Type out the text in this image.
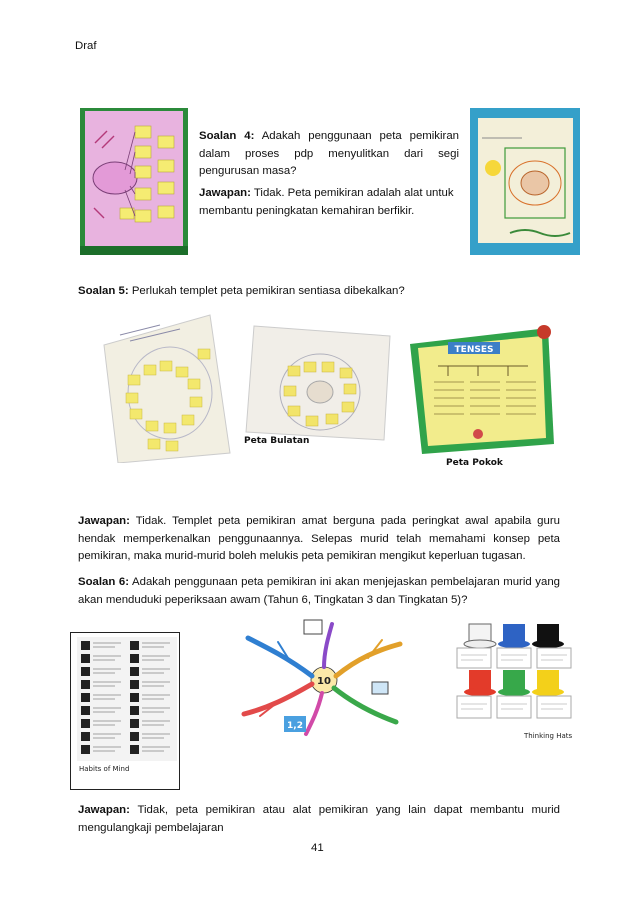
Draf
Soalan 4: Adakah penggunaan peta pemikiran dalam proses pdp menyulitkan dari segi pengurusan masa?
Jawapan: Tidak. Peta pemikiran adalah alat untuk membantu peningkatan kemahiran berfikir.
Soalan 5: Perlukah templet peta pemikiran sentiasa dibekalkan?
Peta Bulatan
TENSES
Peta Pokok
Jawapan: Tidak. Templet peta pemikiran amat berguna pada peringkat awal apabila guru hendak memperkenalkan penggunaannya. Selepas murid telah memahami konsep peta pemikiran, maka murid-murid boleh melukis peta pemikiran mengikut keperluan tugasan.
Soalan 6: Adakah penggunaan peta pemikiran ini akan menjejaskan pembelajaran murid yang akan menduduki peperiksaan awam (Tahun 6, Tingkatan 3 dan Tingkatan 5)?
Habits of Mind
10
1,2
Thinking Hats
Jawapan: Tidak, peta pemikiran atau alat pemikiran yang lain dapat membantu murid mengulangkaji pembelajaran
41
